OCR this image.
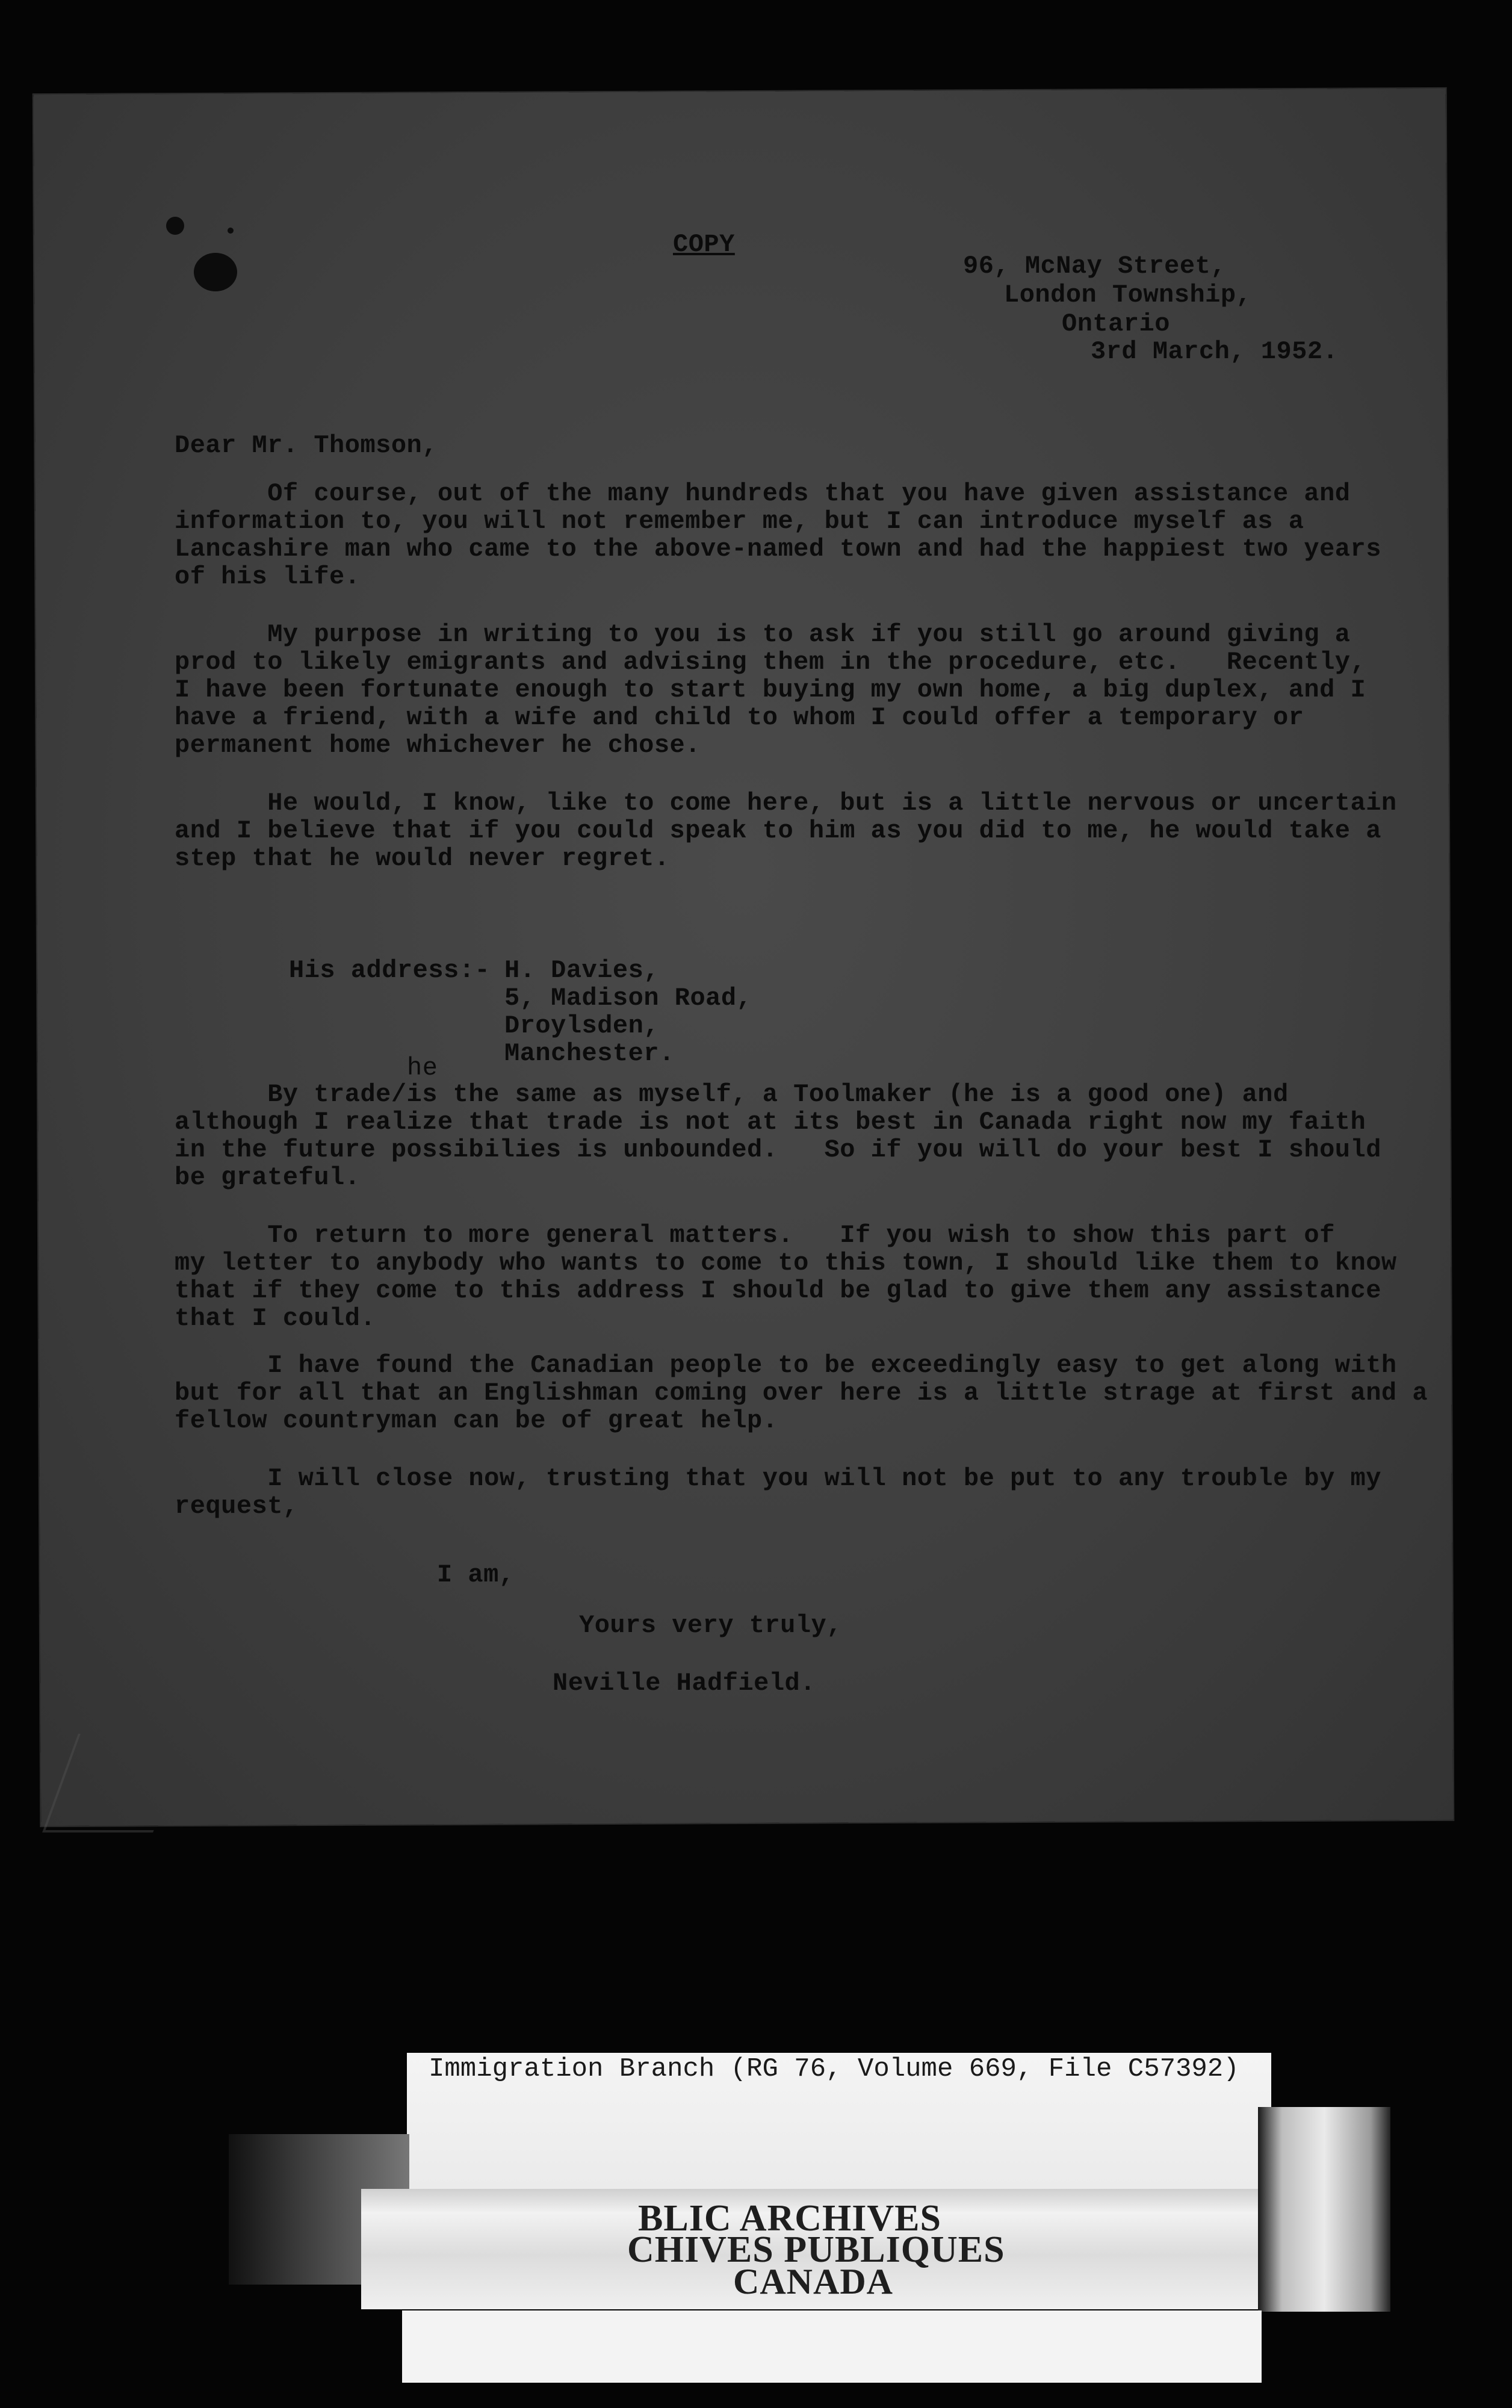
COPY
96, McNay Street,
London Township,
Ontario
3rd March, 1952.
Dear Mr. Thomson,
Of course, out of the many hundreds that you have given assistance and
information to, you will not remember me, but I can introduce myself as a
Lancashire man who came to the above-named town and had the happiest two years
of his life.
My purpose in writing to you is to ask if you still go around giving a
prod to likely emigrants and advising them in the procedure, etc.   Recently,
I have been fortunate enough to start buying my own home, a big duplex, and I
have a friend, with a wife and child to whom I could offer a temporary or
permanent home whichever he chose.
He would, I know, like to come here, but is a little nervous or uncertain
and I believe that if you could speak to him as you did to me, he would take a
step that he would never regret.
His address:- H. Davies,
5, Madison Road,
Droylsden,
Manchester.
he
By trade/is the same as myself, a Toolmaker (he is a good one) and
although I realize that trade is not at its best in Canada right now my faith
in the future possibilies is unbounded.   So if you will do your best I should
be grateful.
To return to more general matters.   If you wish to show this part of
my letter to anybody who wants to come to this town, I should like them to know
that if they come to this address I should be glad to give them any assistance
that I could.
I have found the Canadian people to be exceedingly easy to get along with
but for all that an Englishman coming over here is a little strage at first and a
fellow countryman can be of great help.
I will close now, trusting that you will not be put to any trouble by my
request,
I am,
Yours very truly,
Neville Hadfield.
Immigration Branch (RG 76, Volume 669, File C57392)
BLIC ARCHIVES
CHIVES PUBLIQUES
CANADA
